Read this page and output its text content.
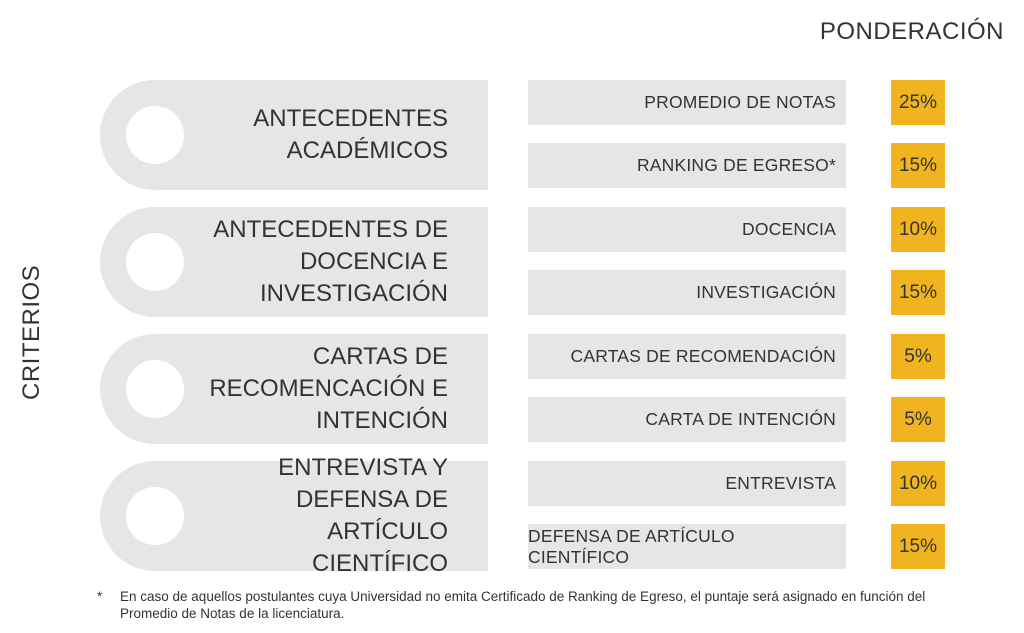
PONDERACIÓN
CRITERIOS
ANTECEDENTES ACADÉMICOS
ANTECEDENTES DE DOCENCIA E INVESTIGACIÓN
CARTAS DE RECOMENCACIÓN E INTENCIÓN
ENTREVISTA Y DEFENSA DE ARTÍCULO CIENTÍFICO
PROMEDIO DE NOTAS	25%
RANKING DE EGRESO*	15%
DOCENCIA	10%
INVESTIGACIÓN	15%
CARTAS DE RECOMENDACIÓN	5%
CARTA DE INTENCIÓN	5%
ENTREVISTA	10%
DEFENSA DE ARTÍCULO CIENTÍFICO	15%
* En caso de aquellos postulantes cuya Universidad no emita Certificado de Ranking de Egreso, el puntaje será asignado en función del Promedio de Notas de la licenciatura.
